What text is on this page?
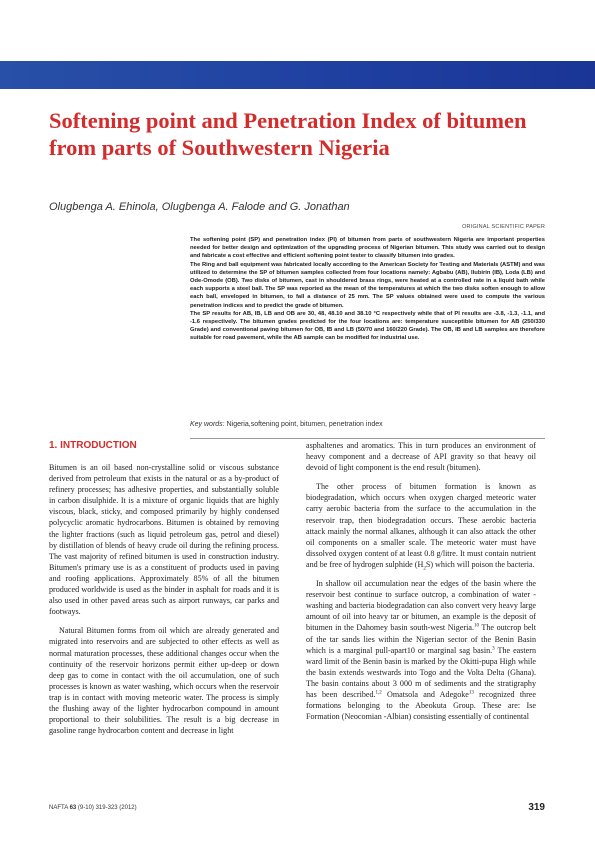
Softening point and Penetration Index of bitumen from parts of Southwestern Nigeria
Olugbenga A. Ehinola, Olugbenga A. Falode and G. Jonathan
ORIGINAL SCIENTIFIC PAPER

The softening point (SP) and penetration index (PI) of bitumen from parts of southwestern Nigeria are important properties needed for better design and optimization of the upgrading process of Nigerian bitumen. This study was carried out to design and fabricate a cost effective and efficient softening point tester to classify bitumen into grades.

The Ring and ball equipment was fabricated locally according to the American Society for Testing and Materials (ASTM) and was utilized to determine the SP of bitumen samples collected from four locations namely: Agbabu (AB), Ilubirin (IB), Loda (LB) and Ode-Omode (OB). Two disks of bitumen, cast in shouldered brass rings, were heated at a controlled rate in a liquid bath while each supports a steel ball. The SP was reported as the mean of the temperatures at which the two disks soften enough to allow each ball, enveloped in bitumen, to fall a distance of 25 mm. The SP values obtained were used to compute the various penetration indices and to predict the grade of bitumen.

The SP results for AB, IB, LB and OB are 30, 48, 48.10 and 38.10 °C respectively while that of PI results are -3.8, -1.3, -1.1, and -1.6 respectively. The bitumen grades predicted for the four locations are: temperature susceptible bitumen for AB (250/330 Grade) and conventional paving bitumen for OB, IB and LB (50/70 and 160/220 Grade). The OB, IB and LB samples are therefore suitable for road pavement, while the AB sample can be modified for industrial use.

Key words: Nigeria,softening point, bitumen, penetration index
1. INTRODUCTION

Bitumen is an oil based non-crystalline solid or viscous substance derived from petroleum that exists in the natural or as a by-product of refinery processes; has adhesive properties, and substantially soluble in carbon disulphide. It is a mixture of organic liquids that are highly viscous, black, sticky, and composed primarily by highly condensed polycyclic aromatic hydrocarbons. Bitumen is obtained by removing the lighter fractions (such as liquid petroleum gas, petrol and diesel) by distillation of blends of heavy crude oil during the refining process. The vast majority of refined bitumen is used in construction industry. Bitumen's primary use is as a constituent of products used in paving and roofing applications. Approximately 85% of all the bitumen produced worldwide is used as the binder in asphalt for roads and it is also used in other paved areas such as airport runways, car parks and footways.

Natural Bitumen forms from oil which are already generated and migrated into reservoirs and are subjected to other effects as well as normal maturation processes, these additional changes occur when the continuity of the reservoir horizons permit either up-deep or down deep gas to come in contact with the oil accumulation, one of such processes is known as water washing, which occurs when the reservoir trap is in contact with moving meteoric water. The process is simply the flushing away of the lighter hydrocarbon compound in amount proportional to their solubilities. The result is a big decrease in gasoline range hydrocarbon content and decrease in light

asphaltenes and aromatics. This in turn produces an environment of heavy component and a decrease of API gravity so that heavy oil devoid of light component is the end result (bitumen).

The other process of bitumen formation is known as biodegradation, which occurs when oxygen charged meteoric water carry aerobic bacteria from the surface to the accumulation in the reservoir trap, then biodegradation occurs. These aerobic bacteria attack mainly the normal alkanes, although it can also attack the other oil components on a smaller scale. The meteoric water must have dissolved oxygen content of at least 0.8 g/litre. It must contain nutrient and be free of hydrogen sulphide $(H_2S)$ which will poison the bacteria.

In shallow oil accumulation near the edges of the basin where the reservoir best continue to surface outcrop, a combination of water - washing and bacteria biodegradation can also convert very heavy large amount of oil into heavy tar or bitumen, an example is the deposit of bitumen in the Dahomey basin south-west Nigeria.$^{10}$ The outcrop belt of the tar sands lies within the Nigerian sector of the Benin Basin which is a marginal pull-apart10 or marginal sag basin.$^3$ The eastern ward limit of the Benin basin is marked by the Okitti-pupa High while the basin extends westwards into Togo and the Volta Delta (Ghana). The basin contains about 3 000 m of sediments and the stratigraphy has been described.$^{1,2}$ Omatsola and Adegoke$^{13}$ recognized three formations belonging to the Abeokuta Group. These are: Ise Formation (Neocomian -Albian) consisting essentially of continental

NAFTA 63 (9-10) 319-323 (2012)	319
